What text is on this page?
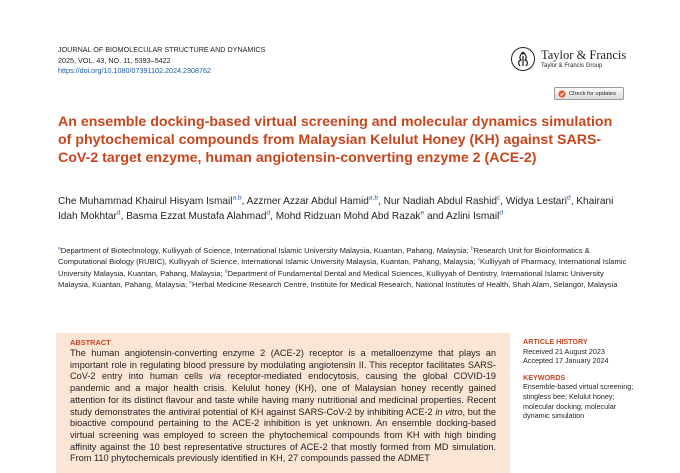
JOURNAL OF BIOMOLECULAR STRUCTURE AND DYNAMICS
2025, VOL. 43, NO. 11, 5393–5422
https://doi.org/10.1080/07391102.2024.2308762
Taylor & Francis
Taylor & Francis Group
Check for updates
An ensemble docking-based virtual screening and molecular dynamics simulation of phytochemical compounds from Malaysian Kelulut Honey (KH) against SARS-CoV-2 target enzyme, human angiotensin-converting enzyme 2 (ACE-2)
Che Muhammad Khairul Hisyam Ismail$^{a,b}$, Azzmer Azzar Abdul Hamid$^{a,b}$, Nur Nadiah Abdul Rashid$^c$, Widya Lestari$^d$, Khairani Idah Mokhtar$^d$, Basma Ezzat Mustafa Alahmad$^d$, Mohd Ridzuan Mohd Abd Razak$^e$ and Azlini Ismail$^d$
$^a$Department of Biotechnology, Kulliyyah of Science, International Islamic University Malaysia, Kuantan, Pahang, Malaysia; $^b$Research Unit for Bioinformatics & Computational Biology (RUBIC), Kulliyyah of Science, International Islamic University Malaysia, Kuantan, Pahang, Malaysia; $^c$Kulliyyah of Pharmacy, International Islamic University Malaysia, Kuantan, Pahang, Malaysia; $^d$Department of Fundamental Dental and Medical Sciences, Kulliyyah of Dentistry, International Islamic University Malaysia, Kuantan, Pahang, Malaysia; $^e$Herbal Medicine Research Centre, Institute for Medical Research, National Institutes of Health, Shah Alam, Selangor, Malaysia
ABSTRACT

The human angiotensin-converting enzyme 2 (ACE-2) receptor is a metalloenzyme that plays an important role in regulating blood pressure by modulating angiotensin II. This receptor facilitates SARS-CoV-2 entry into human cells via receptor-mediated endocytosis, causing the global COVID-19 pandemic and a major health crisis. Kelulut honey (KH), one of Malaysian honey recently gained attention for its distinct flavour and taste while having many nutritional and medicinal properties. Recent study demonstrates the antiviral potential of KH against SARS-CoV-2 by inhibiting ACE-2 in vitro, but the bioactive compound pertaining to the ACE-2 inhibition is yet unknown. An ensemble docking-based virtual screening was employed to screen the phytochemical compounds from KH with high binding affinity against the 10 best representative structures of ACE-2 that mostly formed from MD simulation. From 110 phytochemicals previously identified in KH, 27 compounds passed the ADMET

ARTICLE HISTORY
Received 21 August 2023
Accepted 17 January 2024
KEYWORDS
Ensemble-based virtual screening; stingless bee; Kelulut honey; molecular docking; molecular dynamic simulation
